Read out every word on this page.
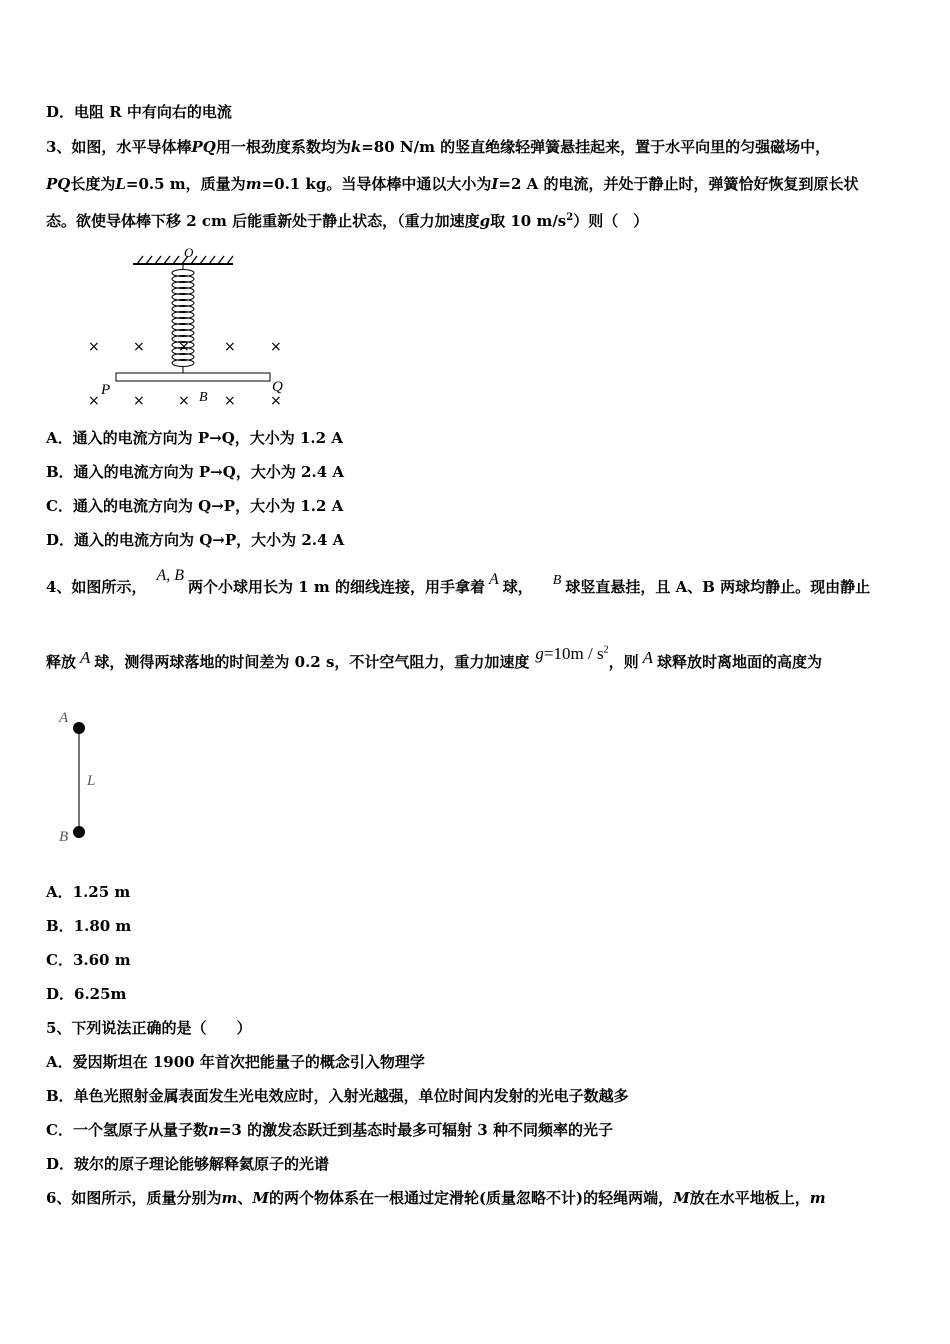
D．电阻 R 中有向右的电流
3、如图，水平导体棒PQ用一根劲度系数均为k=80 N/m 的竖直绝缘轻弹簧悬挂起来，置于水平向里的匀强磁场中，
PQ长度为L=0.5 m，质量为m=0.1 kg。当导体棒中通以大小为I=2 A 的电流，并处于静止时，弹簧恰好恢复到原长状
态。欲使导体棒下移 2 cm 后能重新处于静止状态，（重力加速度g取 10 $m/s^2$）则（　）
O
× × × × ×
× × × × ×
P	Q
B
A．通入的电流方向为 P→Q，大小为 1.2 A
B．通入的电流方向为 P→Q，大小为 2.4 A
C．通入的电流方向为 Q→P，大小为 1.2 A
D．通入的电流方向为 Q→P，大小为 2.4 A
4、如图所示，A, B两个小球用长为 1 m 的细线连接，用手拿着 A 球， B 球竖直悬挂，且 A、B 两球均静止。现由静止
释放 A 球，测得两球落地的时间差为 0.2 s，不计空气阻力，重力加速度 $g=10m / s^2$，则 A 球释放时离地面的高度为
A
B
L
A．1.25 m
B．1.80 m
C．3.60 m
D．6.25m
5、下列说法正确的是（　　）
A．爱因斯坦在 1900 年首次把能量子的概念引入物理学
B．单色光照射金属表面发生光电效应时，入射光越强，单位时间内发射的光电子数越多
C．一个氢原子从量子数n=3 的激发态跃迁到基态时最多可辐射 3 种不同频率的光子
D．玻尔的原子理论能够解释氦原子的光谱
6、如图所示，质量分别为m、M的两个物体系在一根通过定滑轮(质量忽略不计)的轻绳两端，M放在水平地板上，m
